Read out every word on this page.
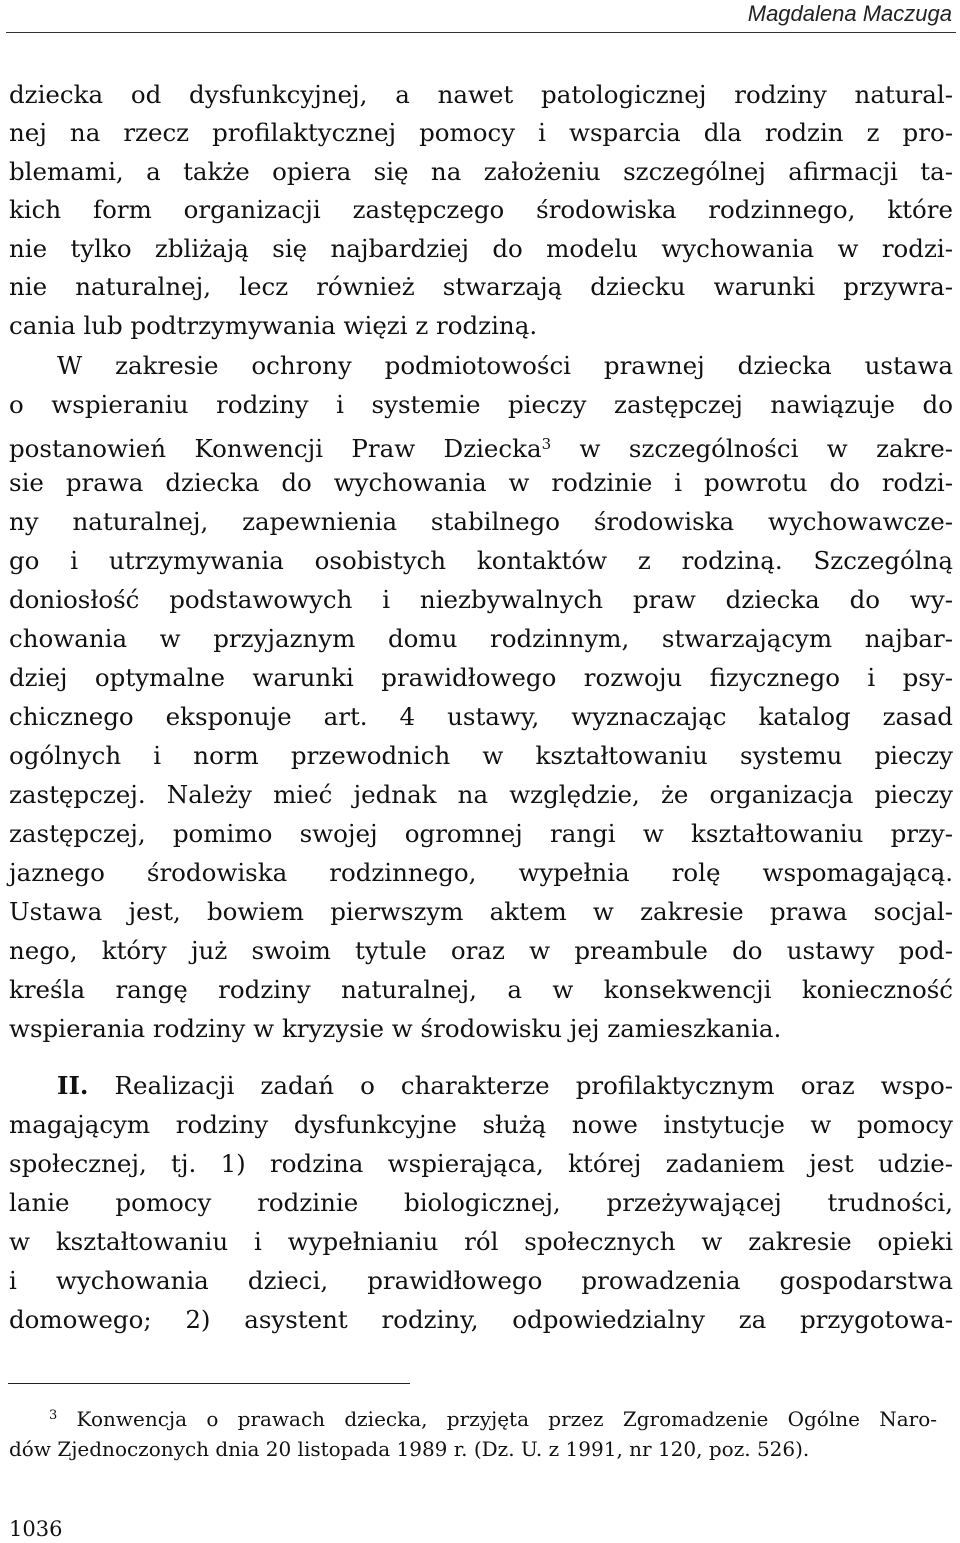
Magdalena Maczuga
dziecka od dysfunkcyjnej, a nawet patologicznej rodziny natural-
nej na rzecz profilaktycznej pomocy i wsparcia dla rodzin z pro-
blemami, a także opiera się na założeniu szczególnej afirmacji ta-
kich form organizacji zastępczego środowiska rodzinnego, które
nie tylko zbliżają się najbardziej do modelu wychowania w rodzi-
nie naturalnej, lecz również stwarzają dziecku warunki przywra-
cania lub podtrzymywania więzi z rodziną.
W zakresie ochrony podmiotowości prawnej dziecka ustawa
o wspieraniu rodziny i systemie pieczy zastępczej nawiązuje do
postanowień Konwencji Praw Dziecka$^3$ w szczególności w zakre-
sie prawa dziecka do wychowania w rodzinie i powrotu do rodzi-
ny naturalnej, zapewnienia stabilnego środowiska wychowawcze-
go i utrzymywania osobistych kontaktów z rodziną. Szczególną
doniosłość podstawowych i niezbywalnych praw dziecka do wy-
chowania w przyjaznym domu rodzinnym, stwarzającym najbar-
dziej optymalne warunki prawidłowego rozwoju fizycznego i psy-
chicznego eksponuje art. 4 ustawy, wyznaczając katalog zasad
ogólnych i norm przewodnich w kształtowaniu systemu pieczy
zastępczej. Należy mieć jednak na względzie, że organizacja pieczy
zastępczej, pomimo swojej ogromnej rangi w kształtowaniu przy-
jaznego środowiska rodzinnego, wypełnia rolę wspomagającą.
Ustawa jest, bowiem pierwszym aktem w zakresie prawa socjal-
nego, który już swoim tytule oraz w preambule do ustawy pod-
kreśla rangę rodziny naturalnej, a w konsekwencji konieczność
wspierania rodziny w kryzysie w środowisku jej zamieszkania.
II. Realizacji zadań o charakterze profilaktycznym oraz wspo-
magającym rodziny dysfunkcyjne służą nowe instytucje w pomocy
społecznej, tj. 1) rodzina wspierająca, której zadaniem jest udzie-
lanie pomocy rodzinie biologicznej, przeżywającej trudności,
w kształtowaniu i wypełnianiu ról społecznych w zakresie opieki
i wychowania dzieci, prawidłowego prowadzenia gospodarstwa
domowego; 2) asystent rodziny, odpowiedzialny za przygotowa-
$^3$ Konwencja o prawach dziecka, przyjęta przez Zgromadzenie Ogólne Naro-
dów Zjednoczonych dnia 20 listopada 1989 r. (Dz. U. z 1991, nr 120, poz. 526).
1036
